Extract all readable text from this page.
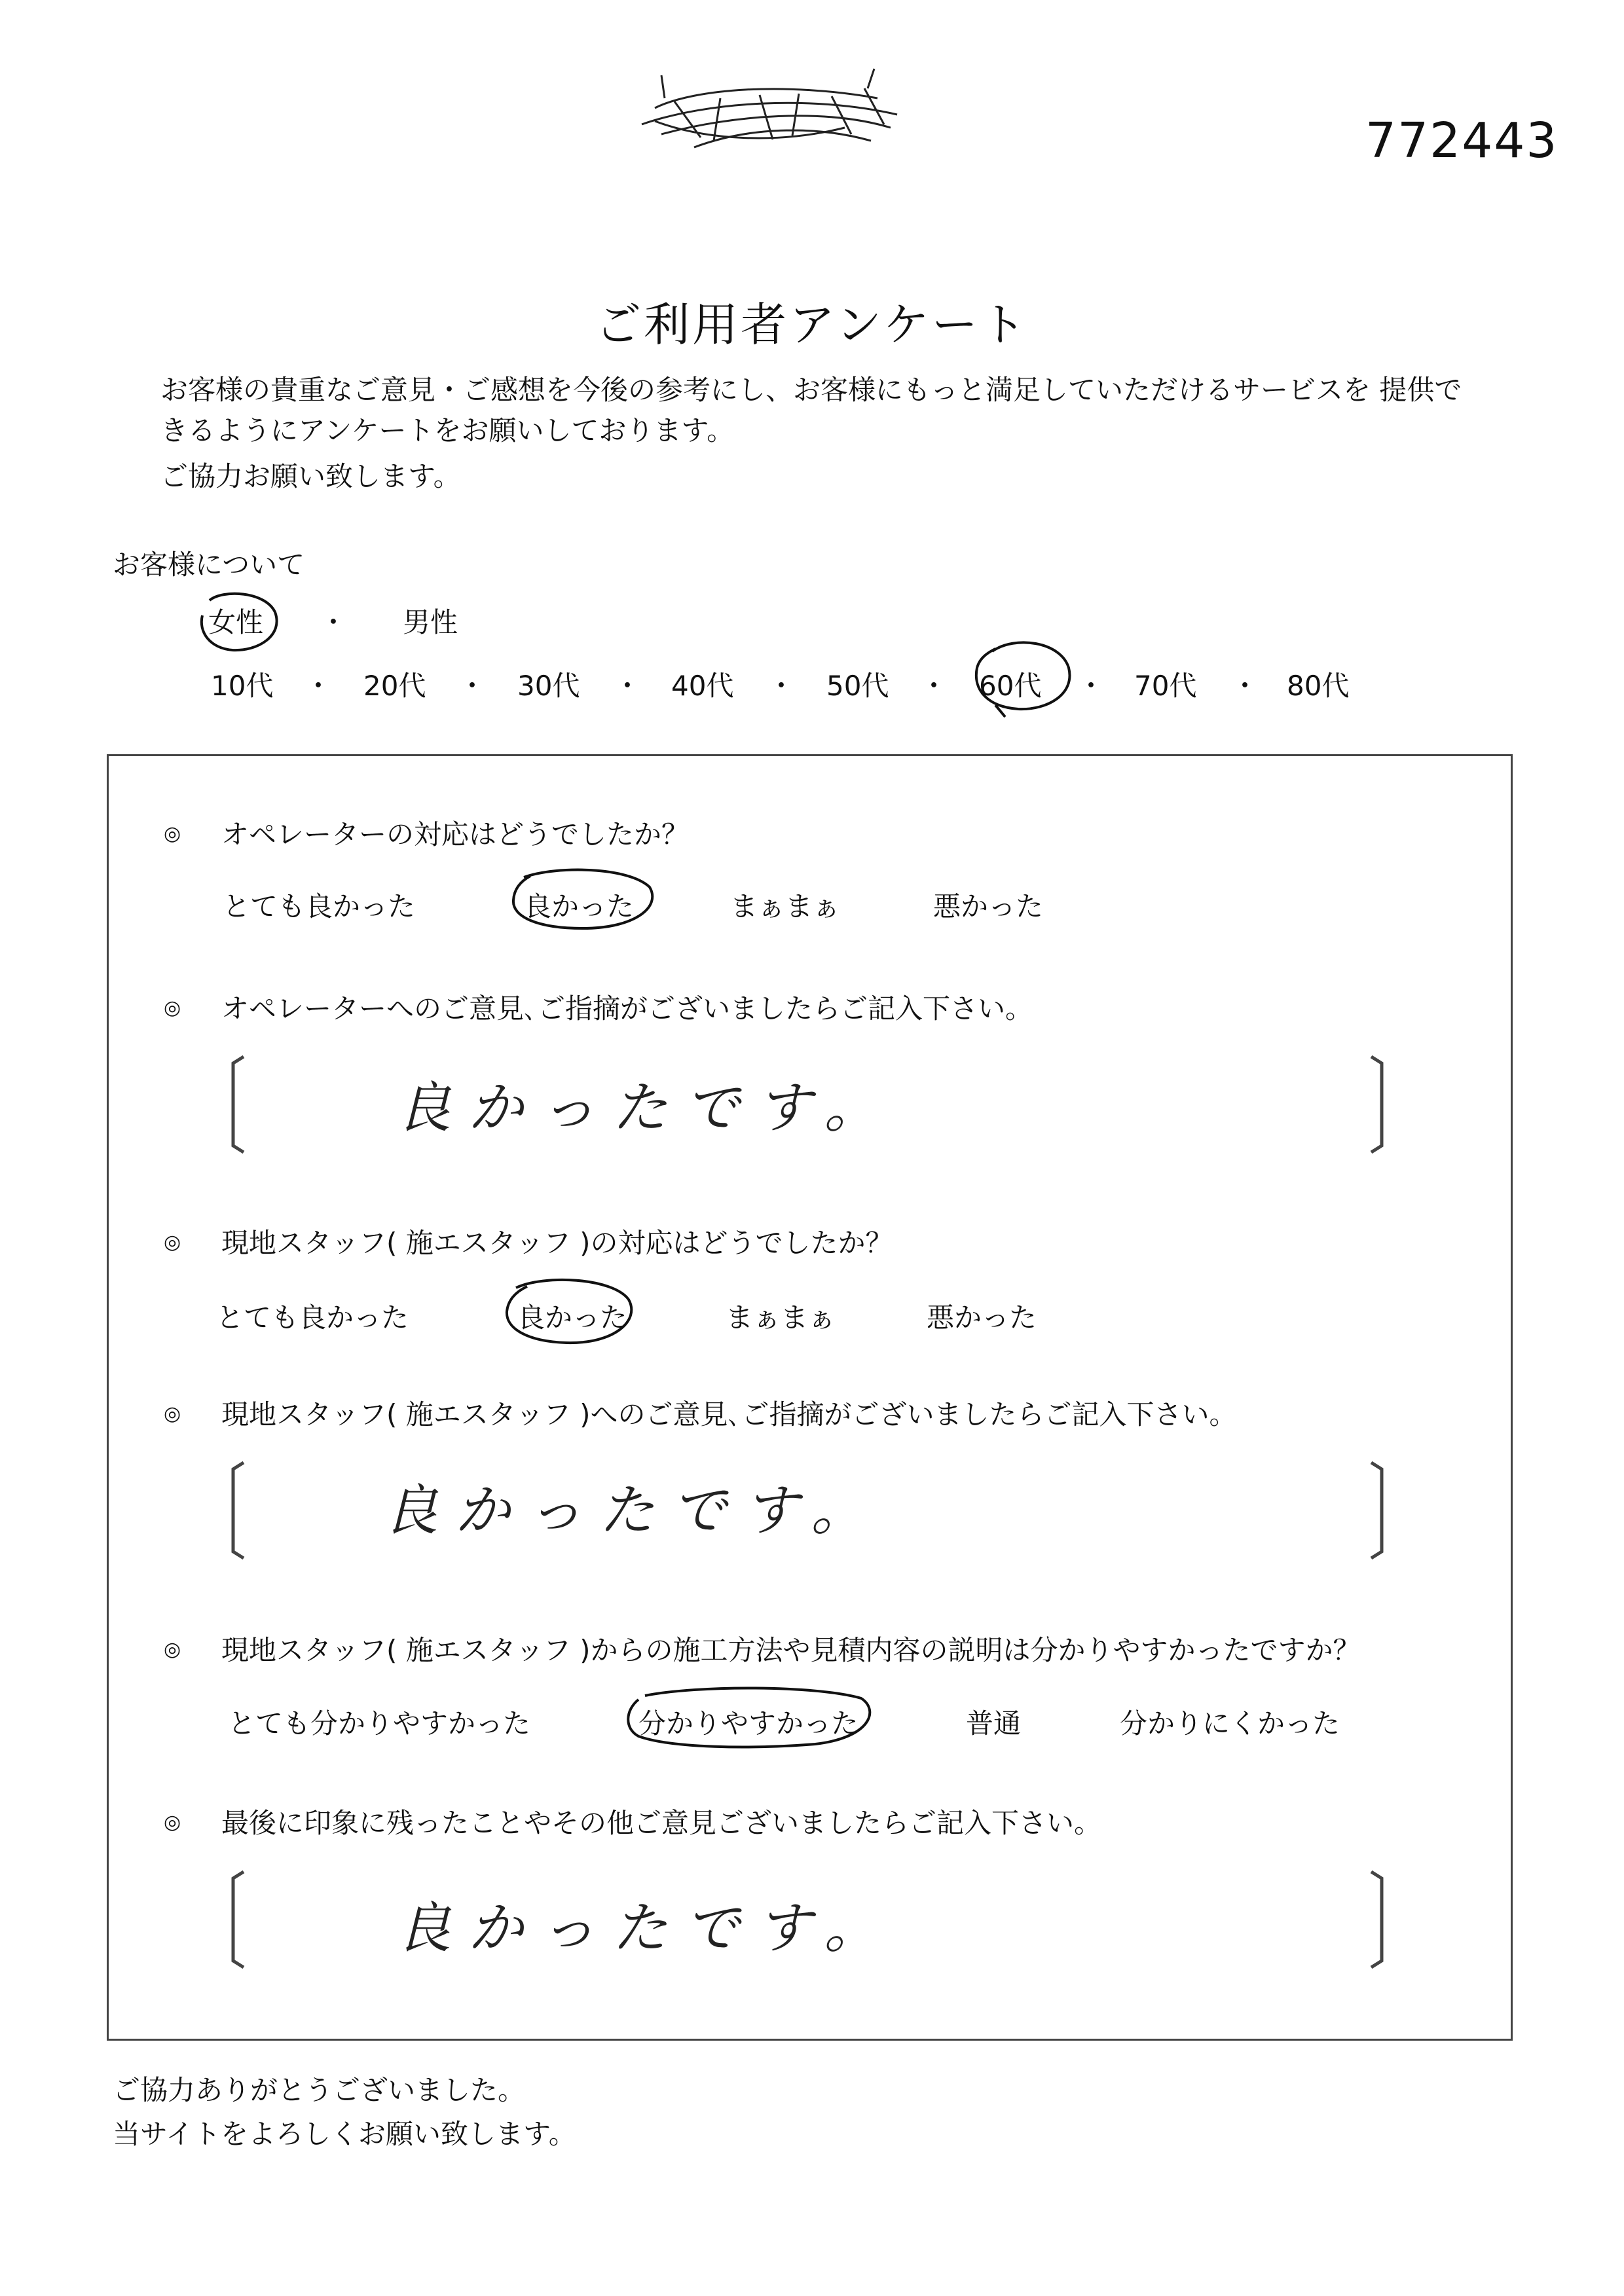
772443
ご利用者アンケート
お客様の貴重なご意見・ご感想を今後の参考にし、お客様にもっと満足していただけるサービスを 提供で
きるようにアンケートをお願いしております。
ご協力お願い致します。
お客様について
女性 ・ 男性
10代 ・ 20代 ・ 30代 ・ 40代 ・ 50代 ・ 60代 ・ 70代 ・ 80代
◎ オペレーターの対応はどうでしたか？
とても良かった	良かった	まぁまぁ	悪かった
◎ オペレーターへのご意見､ご指摘がございましたらご記入下さい。
良かったです。
◎ 現地スタッフ( 施エスタッフ )の対応はどうでしたか？
とても良かった	良かった	まぁまぁ	悪かった
◎ 現地スタッフ( 施エスタッフ )へのご意見､ご指摘がございましたらご記入下さい。
良かったです。
◎ 現地スタッフ( 施エスタッフ )からの施工方法や見積内容の説明は分かりやすかったですか？
とても分かりやすかった	分かりやすかった	普通	分かりにくかった
◎ 最後に印象に残ったことやその他ご意見ございましたらご記入下さい。
良かったです。
ご協力ありがとうございました。
当サイトをよろしくお願い致します。
